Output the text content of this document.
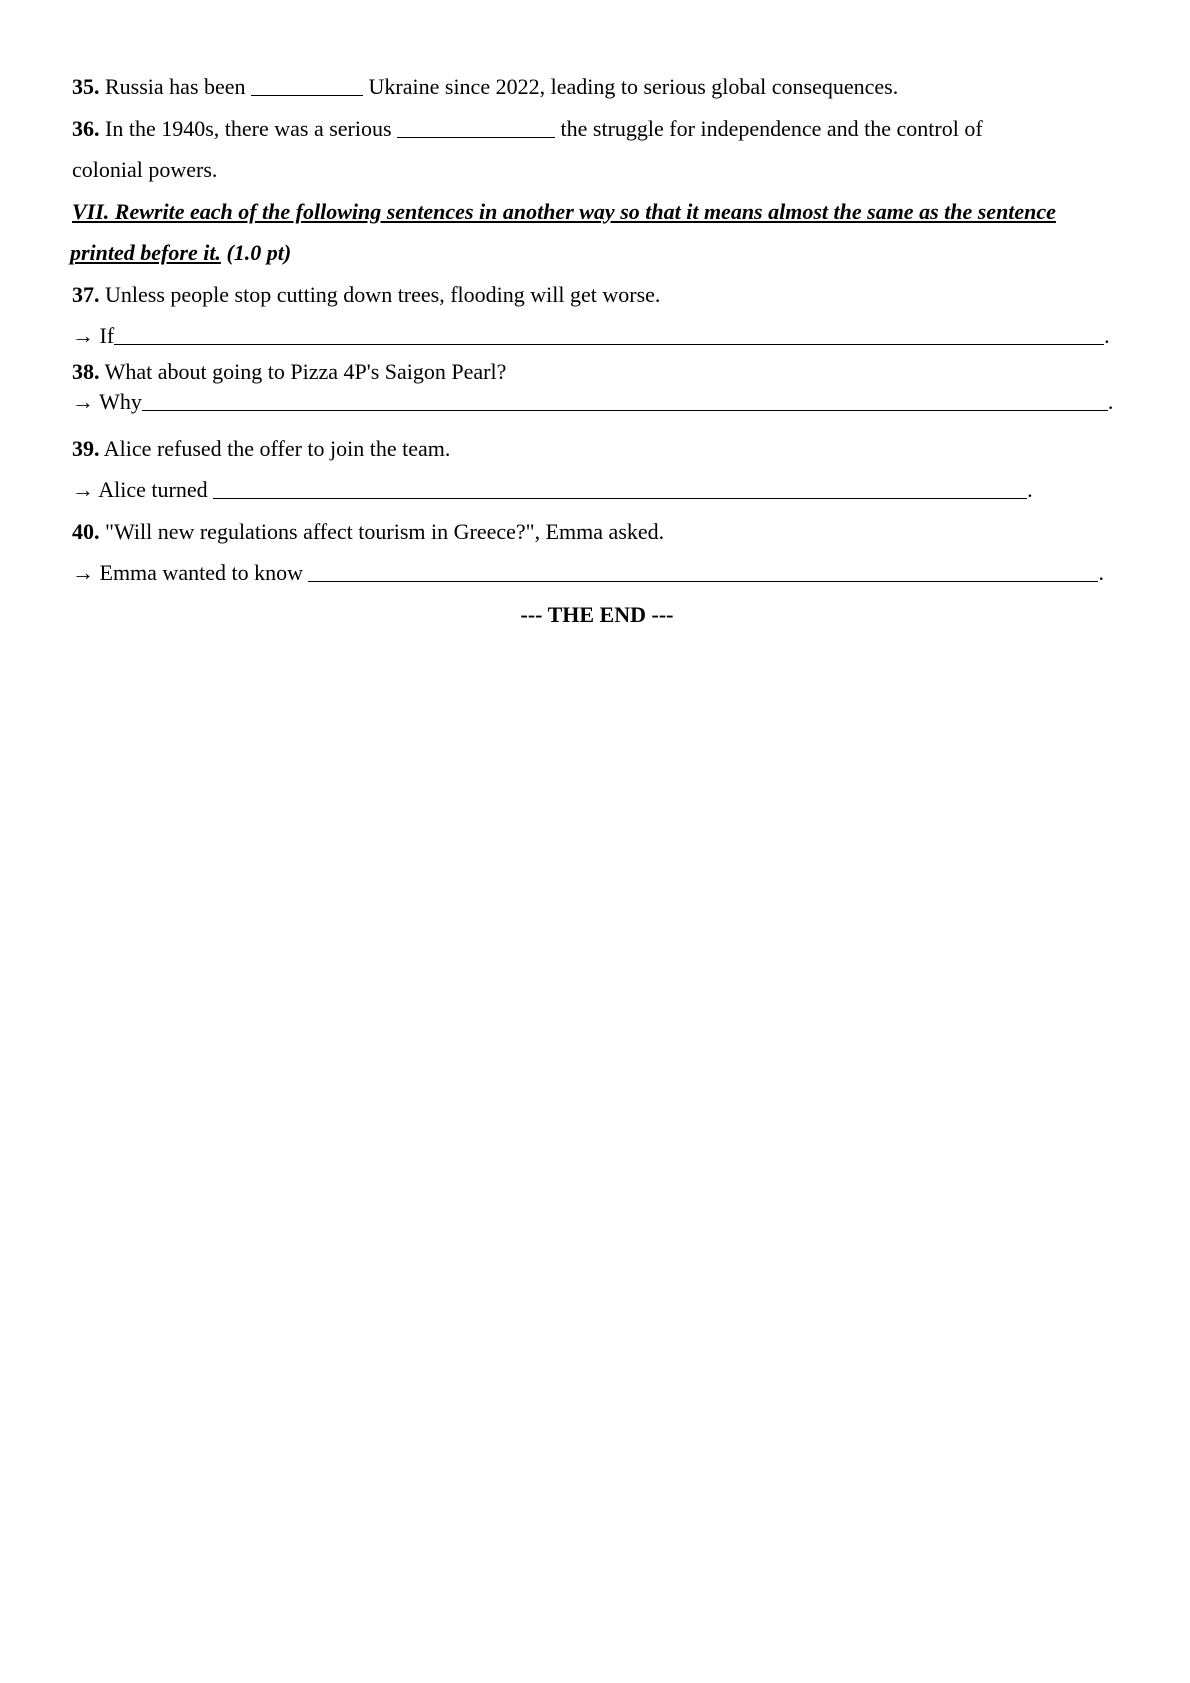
35. Russia has been	Ukraine since 2022, leading to serious global consequences.
36. In the 1940s, there was a serious	the struggle for independence and the control of
colonial powers.
VII. Rewrite each of the following sentences in another way so that it means almost the same as the sentence
printed before it. (1.0 pt)
37. Unless people stop cutting down trees, flooding will get worse.
→ If	.
38. What about going to Pizza 4P's Saigon Pearl?
→ Why	.
39. Alice refused the offer to join the team.
→ Alice turned	.
40. "Will new regulations affect tourism in Greece?", Emma asked.
→ Emma wanted to know	.
--- THE END ---
